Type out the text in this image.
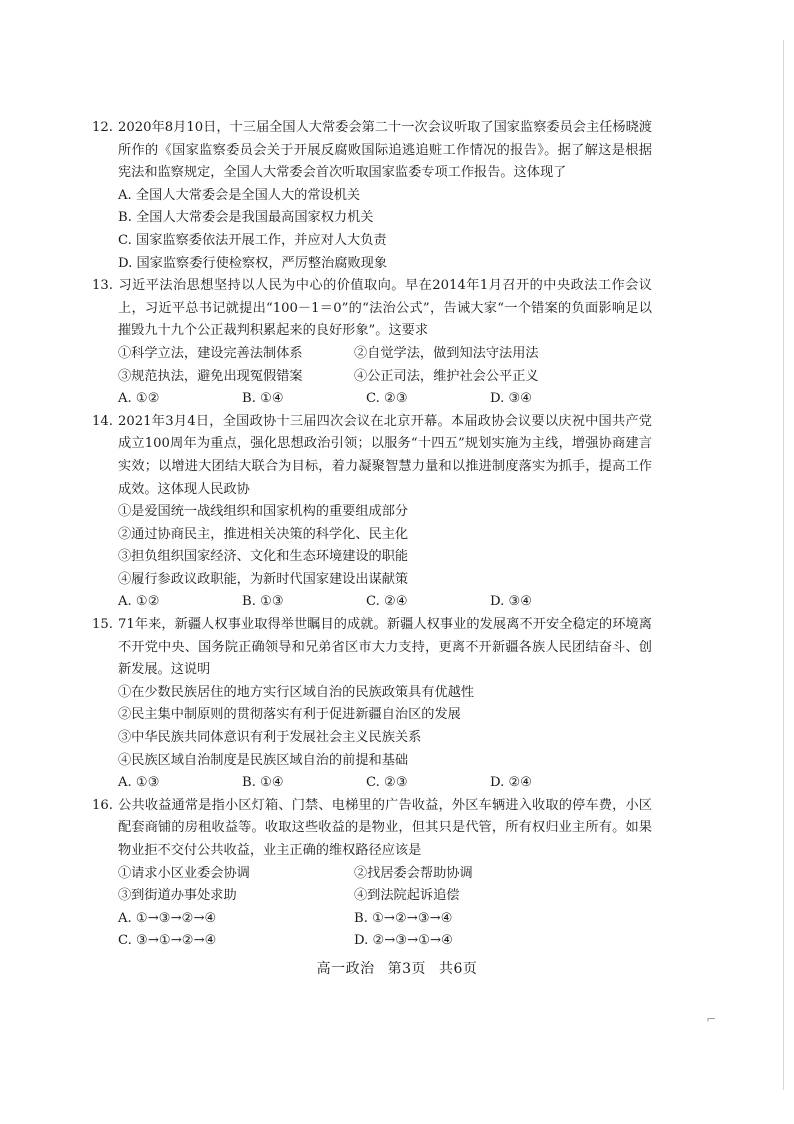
12. 2020年8月10日，十三届全国人大常委会第二十一次会议听取了国家监察委员会主任杨晓渡所作的《国家监察委员会关于开展反腐败国际追逃追赃工作情况的报告》。据了解这是根据宪法和监察规定，全国人大常委会首次听取国家监委专项工作报告。这体现了
A. 全国人大常委会是全国人大的常设机关
B. 全国人大常委会是我国最高国家权力机关
C. 国家监察委依法开展工作，并应对人大负责
D. 国家监察委行使检察权，严厉整治腐败现象
13. 习近平法治思想坚持以人民为中心的价值取向。早在2014年1月召开的中央政法工作会议上，习近平总书记就提出“100－1＝0”的“法治公式”，告诫大家“一个错案的负面影响足以摧毁九十九个公正裁判积累起来的良好形象”。这要求
①科学立法，建设完善法制体系	②自觉学法，做到知法守法用法
③规范执法，避免出现冤假错案	④公正司法，维护社会公平正义
A. ①②	B. ①④	C. ②③	D. ③④
14. 2021年3月4日，全国政协十三届四次会议在北京开幕。本届政协会议要以庆祝中国共产党成立100周年为重点，强化思想政治引领；以服务“十四五”规划实施为主线，增强协商建言实效；以增进大团结大联合为目标，着力凝聚智慧力量和以推进制度落实为抓手，提高工作成效。这体现人民政协
①是爱国统一战线组织和国家机构的重要组成部分
②通过协商民主，推进相关决策的科学化、民主化
③担负组织国家经济、文化和生态环境建设的职能
④履行参政议政职能，为新时代国家建设出谋献策
A. ①②	B. ①③	C. ②④	D. ③④
15. 71年来，新疆人权事业取得举世瞩目的成就。新疆人权事业的发展离不开安全稳定的环境离不开党中央、国务院正确领导和兄弟省区市大力支持，更离不开新疆各族人民团结奋斗、创新发展。这说明
①在少数民族居住的地方实行区域自治的民族政策具有优越性
②民主集中制原则的贯彻落实有利于促进新疆自治区的发展
③中华民族共同体意识有利于发展社会主义民族关系
④民族区域自治制度是民族区域自治的前提和基础
A. ①③	B. ①④	C. ②③	D. ②④
16. 公共收益通常是指小区灯箱、门禁、电梯里的广告收益，外区车辆进入收取的停车费，小区配套商铺的房租收益等。收取这些收益的是物业，但其只是代管，所有权归业主所有。如果物业拒不交付公共收益，业主正确的维权路径应该是
①请求小区业委会协调	②找居委会帮助协调
③到街道办事处求助	④到法院起诉追偿
A. ①→③→②→④	B. ①→②→③→④
C. ③→①→②→④	D. ②→③→①→④
高一政治 第3页 共6页
⌐
